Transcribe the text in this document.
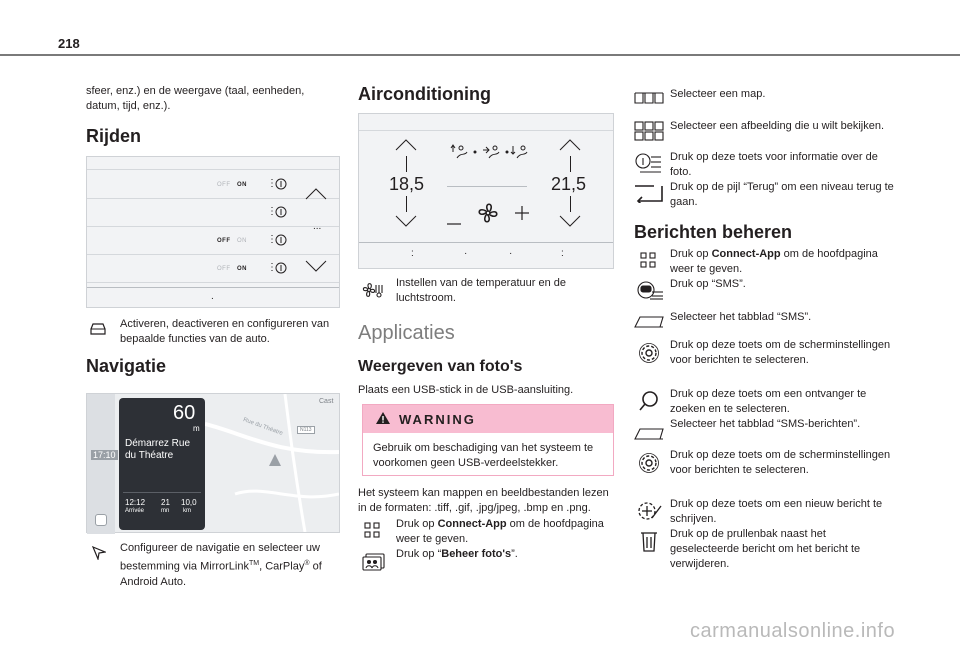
218
sfeer, enz.) en de weergave (taal, eenheden, datum, tijd, enz.).
Rijden
OFF ON ⋮
⋮
OFF ON ⋮
OFF ON ⋮
...
.
Activeren, deactiveren en configureren van bepaalde functies van de auto.
Navigatie
17:10
Cast
Rue du Théatre	N113
60
m
Démarrez Rue du Théatre
12:12
Arrivée
21
mn
10,0
km
Configureer de navigatie en selecteer uw bestemming via MirrorLink™, CarPlay® of Android Auto.
Airconditioning
18,5	21,5
:	·	·	:
Instellen van de temperatuur en de luchtstroom.
Applicaties
Weergeven van foto's
Plaats een USB-stick in de USB-aansluiting.
WARNING
Gebruik om beschadiging van het systeem te voorkomen geen USB-verdeelstekker.
Het systeem kan mappen en beeldbestanden lezen in de formaten: .tiff, .gif, .jpg/jpeg, .bmp en .png.
Druk op Connect-App om de hoofdpagina weer te geven.
Druk op “Beheer foto's”.
Selecteer een map.
Selecteer een afbeelding die u wilt bekijken.
Druk op deze toets voor informatie over de foto.
Druk op de pijl “Terug” om een niveau terug te gaan.
Berichten beheren
Druk op Connect-App om de hoofdpagina weer te geven.
Druk op “SMS”.
Selecteer het tabblad “SMS”.
Druk op deze toets om de scherminstellingen voor berichten te selecteren.
Druk op deze toets om een ontvanger te zoeken en te selecteren.
Selecteer het tabblad “SMS-berichten”.
Druk op deze toets om de scherminstellingen voor berichten te selecteren.
Druk op deze toets om een nieuw bericht te schrijven.
Druk op de prullenbak naast het geselecteerde bericht om het bericht te verwijderen.
carmanualsonline.info
